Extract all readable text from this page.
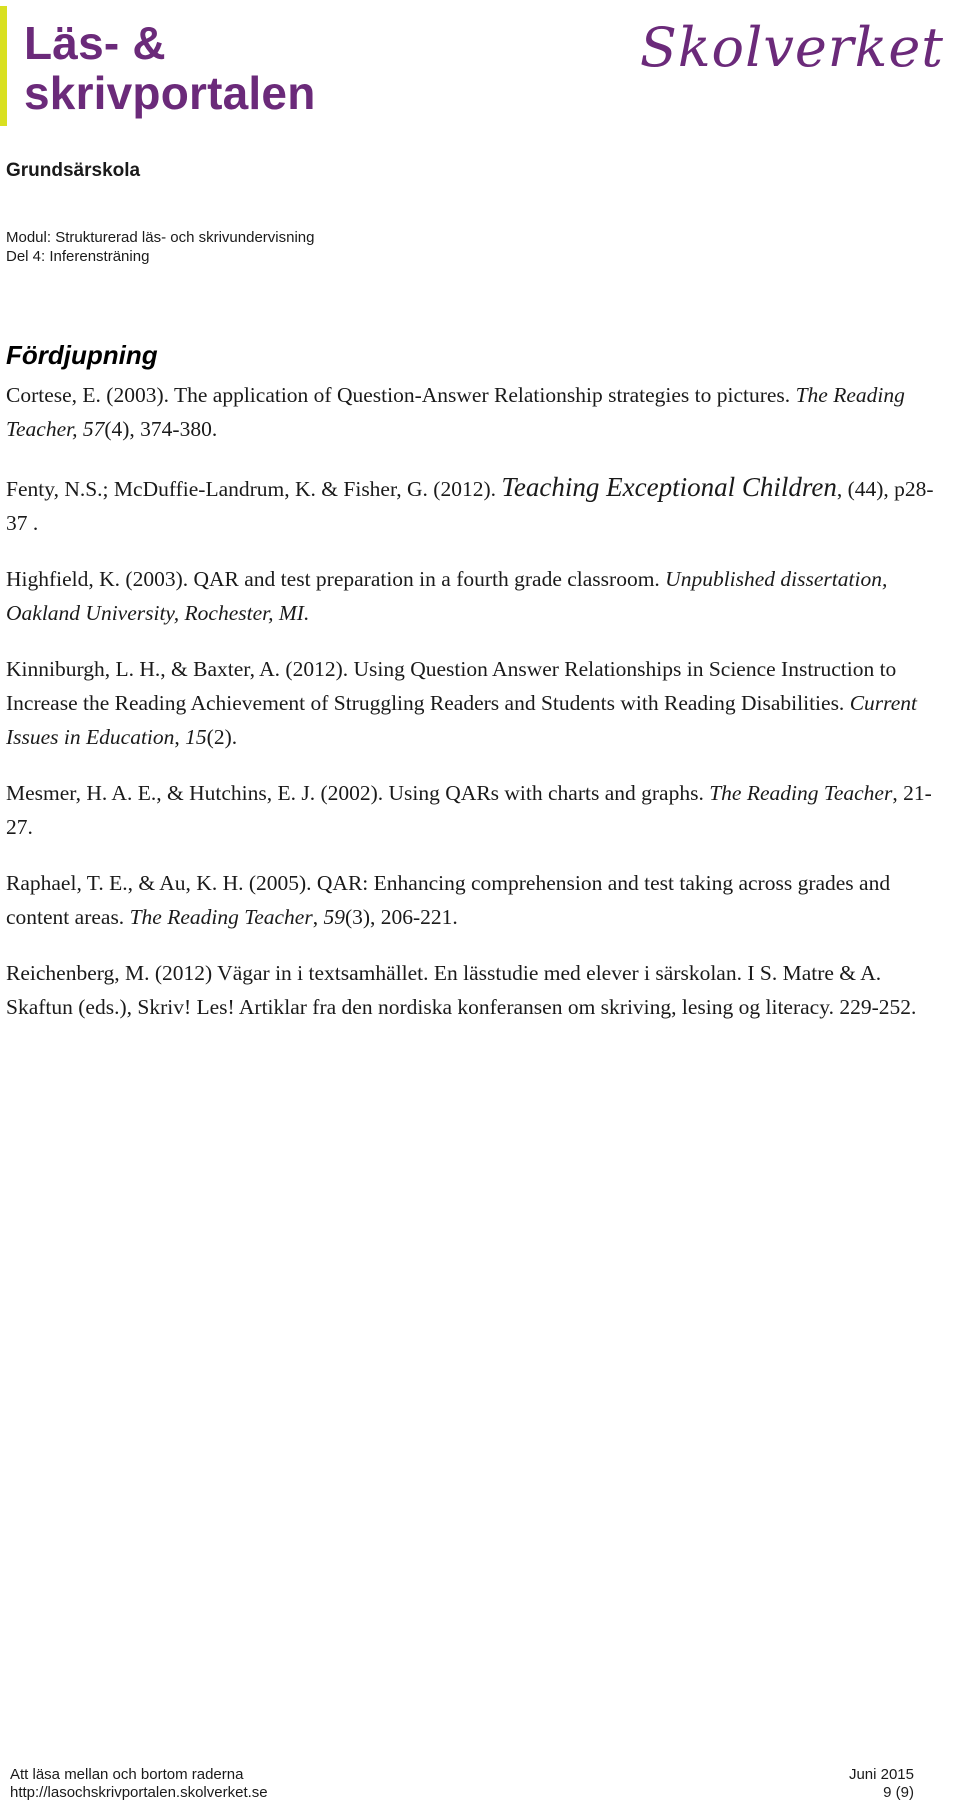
Läs- &
skrivportalen
Skolverket
Grundsärskola
Modul: Strukturerad läs- och skrivundervisning
Del 4: Inferensträning
Fördjupning

Cortese, E. (2003). The application of Question-Answer Relationship strategies to pictures. The Reading Teacher, 57(4), 374-380.

Fenty, N.S.; McDuffie-Landrum, K. & Fisher, G. (2012). Teaching Exceptional Children, (44), p28-37 .

Highfield, K. (2003). QAR and test preparation in a fourth grade classroom. Unpublished dissertation, Oakland University, Rochester, MI.

Kinniburgh, L. H., & Baxter, A. (2012). Using Question Answer Relationships in Science Instruction to Increase the Reading Achievement of Struggling Readers and Students with Reading Disabilities. Current Issues in Education, 15(2).

Mesmer, H. A. E., & Hutchins, E. J. (2002). Using QARs with charts and graphs. The Reading Teacher, 21-27.

Raphael, T. E., & Au, K. H. (2005). QAR: Enhancing comprehension and test taking across grades and content areas. The Reading Teacher, 59(3), 206-221.

Reichenberg, M. (2012) Vägar in i textsamhället. En lässtudie med elever i särskolan. I S. Matre & A. Skaftun (eds.), Skriv! Les! Artiklar fra den nordiska konferansen om skriving, lesing og literacy. 229-252.

Att läsa mellan och bortom raderna	Juni 2015
http://lasochskrivportalen.skolverket.se	9 (9)
